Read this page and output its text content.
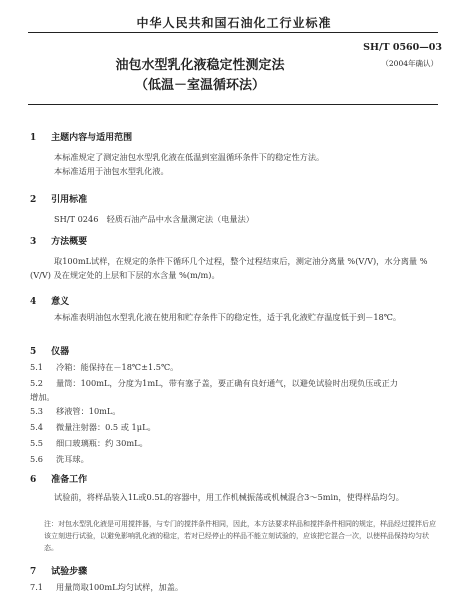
中华人民共和国石油化工行业标准
SH/T 0560—03
（2004年确认）
油包水型乳化液稳定性测定法
（低温－室温循环法）
1 主题内容与适用范围
本标准规定了测定油包水型乳化液在低温到室温循环条件下的稳定性方法。
本标准适用于油包水型乳化液。
2 引用标准
SH/T 0246　轻质石油产品中水含量测定法（电量法）
3 方法概要
取100mL试样，在规定的条件下循环几个过程，整个过程结束后，测定油分离量 %(V/V)，水分离量 %(V/V) 及在规定处的上层和下层的水含量 %(m/m)。
4 意义
本标准表明油包水型乳化液在使用和贮存条件下的稳定性，适于乳化液贮存温度低于到－18℃。
5 仪器
5.1 冷箱：能保持在－18℃±1.5℃。
5.2 量筒：100mL，分度为1mL，带有塞子盖，要正确有良好通气，以避免试验时出现负压或正力
增加。
5.3 移液管：10mL。
5.4 微量注射器：0.5 或 1μL。
5.5 细口玻璃瓶：约 30mL。
5.6 洗耳球。
6 准备工作
试验前，将样品装入1L或0.5L的容器中，用工作机械振荡或机械混合3～5min，使得样品均匀。
注：对包水型乳化液是可用搅拌器，与专门的搅拌条件相同，因此，本方法要求样品和搅拌条件相同的规定，样品经过搅拌后应该立刻进行试验，以避免影响乳化液的稳定，若对已经停止的样品不能立刻试验的，应该把它混合一次，以使样品保持均匀状态。
7 试验步骤
7.1 用量筒取100mL均匀试样，加盖。
